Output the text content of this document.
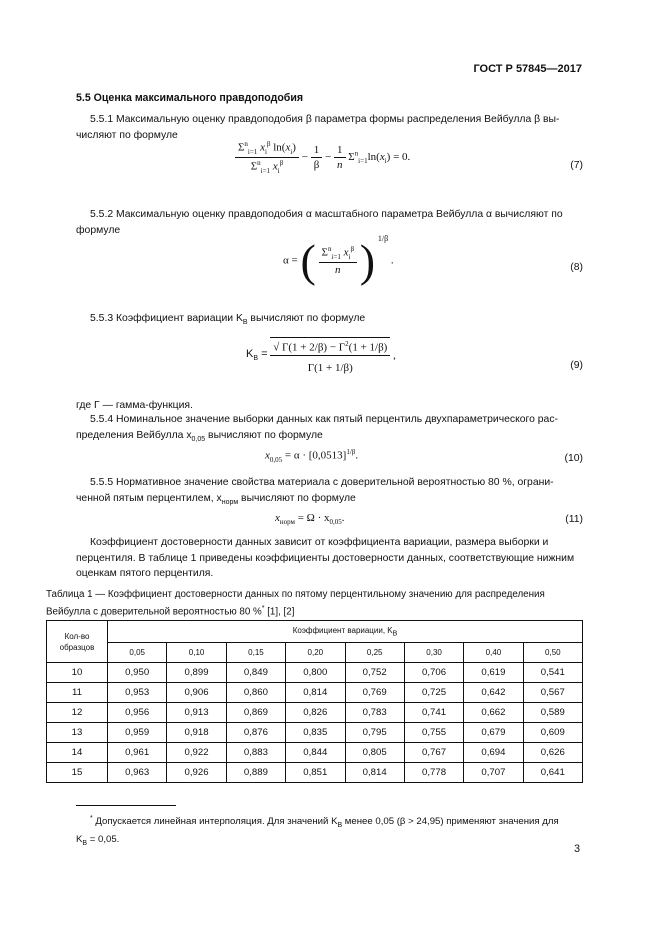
ГОСТ Р 57845—2017
5.5 Оценка максимального правдоподобия
5.5.1 Максимальную оценку правдоподобия β параметра формы распределения Вейбулла β вы-
числяют по формуле
$\frac{\Sigma^n_{i=1} x_i^\beta \ln(x_i)}{\Sigma^n_{i=1} x_i^\beta} - \frac{1}{\beta} - \frac{1}{n} \Sigma^n_{i=1}\ln(x_i) = 0$.
(7)
5.5.2 Максимальную оценку правдоподобия α масштабного параметра Вейбулла α вычисляют по
формуле
α = ( $\frac{\Sigma^n_{i=1} x_i^\beta}{n}$ ) $^{1/\beta}$ .
(8)
5.5.3 Коэффициент вариации $K_B$ вычисляют по формуле
$K_B = \frac{√ Г(1 + 2/\beta) - Г^2(1 + 1/\beta)}{Г(1 + 1/\beta)}$ ,
(9)
где Г — гамма-функция.
5.5.4 Номинальное значение выборки данных как пятый перцентиль двухпараметрического рас-
пределения Вейбулла $x_{0,05}$ вычисляют по формуле
$x_{0,05} = \alpha \cdot [0,0513]^{1/\beta}$.	(10)
5.5.5 Нормативное значение свойства материала с доверительной вероятностью 80 %, ограни-
ченной пятым перцентилем, $x_{норм}$ вычисляют по формуле
$x_{норм} = \Omega \cdot x_{0,05}$.	(11)
Коэффициент достоверности данных зависит от коэффициента вариации, размера выборки и
перцентиля. В таблице 1 приведены коэффициенты достоверности данных, соответствующие нижним
оценкам пятого перцентиля.
Таблица 1 — Коэффициент достоверности данных по пятому перцентильному значению для распределения
Вейбулла с доверительной вероятностью 80 %* [1], [2]
Кол-во образцов	Коэффициент вариации, $K_B$
	0,05	0,10	0,15	0,20	0,25	0,30	0,40	0,50
10	0,950	0,899	0,849	0,800	0,752	0,706	0,619	0,541
11	0,953	0,906	0,860	0,814	0,769	0,725	0,642	0,567
12	0,956	0,913	0,869	0,826	0,783	0,741	0,662	0,589
13	0,959	0,918	0,876	0,835	0,795	0,755	0,679	0,609
14	0,961	0,922	0,883	0,844	0,805	0,767	0,694	0,626
15	0,963	0,926	0,889	0,851	0,814	0,778	0,707	0,641
* Допускается линейная интерполяция. Для значений $K_B$ менее 0,05 (β > 24,95) применяют значения для
$K_B = 0,05$.
3
